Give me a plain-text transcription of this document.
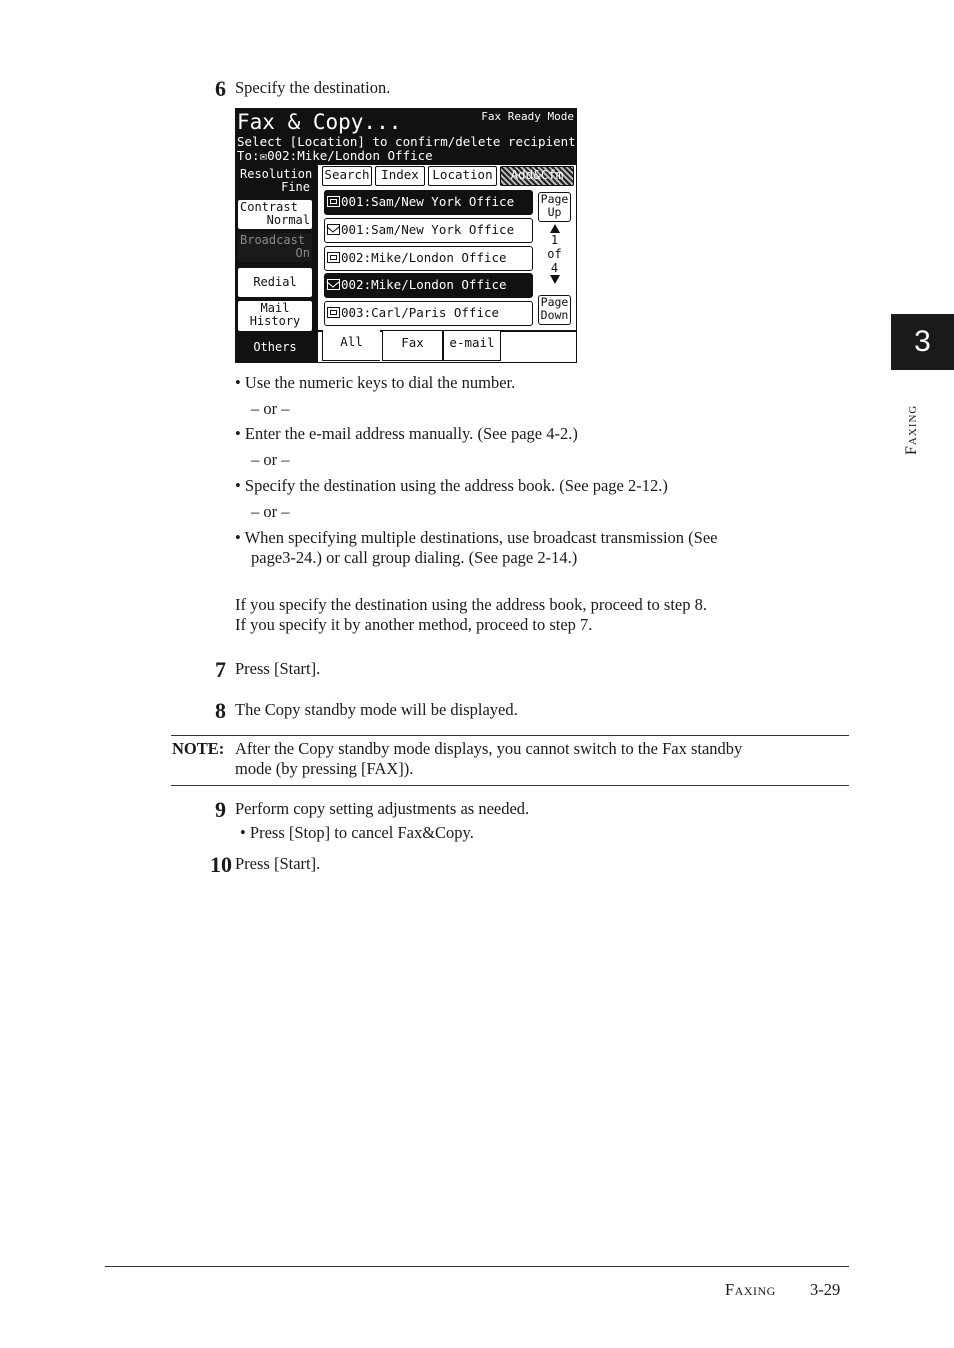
3
Faxing
6 Specify the destination.
Fax & Copy...	Fax Ready Mode
Select [Location] to confirm/delete recipient
To:✉002:Mike/London Office
Resolution
Fine
Contrast
Normal
Broadcast
On
Redial
Mail
History
Others
Search Index	Location	Add&Cfm
001:Sam/New York Office
001:Sam/New York Office
002:Mike/London Office
002:Mike/London Office
003:Carl/Paris Office
Page
Up
1
of
4
Page
Down
All	Fax	e-mail
• Use the numeric keys to dial the number.
– or –
• Enter the e-mail address manually. (See page 4-2.)
– or –
• Specify the destination using the address book. (See page 2-12.)
– or –
• When specifying multiple destinations, use broadcast transmission (See
page3-24.) or call group dialing. (See page 2-14.)
If you specify the destination using the address book, proceed to step 8.
If you specify it by another method, proceed to step 7.
7 Press [Start].
8 The Copy standby mode will be displayed.
NOTE: After the Copy standby mode displays, you cannot switch to the Fax standby
mode (by pressing [FAX]).
9 Perform copy setting adjustments as needed.
• Press [Stop] to cancel Fax&Copy.
10 Press [Start].
Faxing 3-29
